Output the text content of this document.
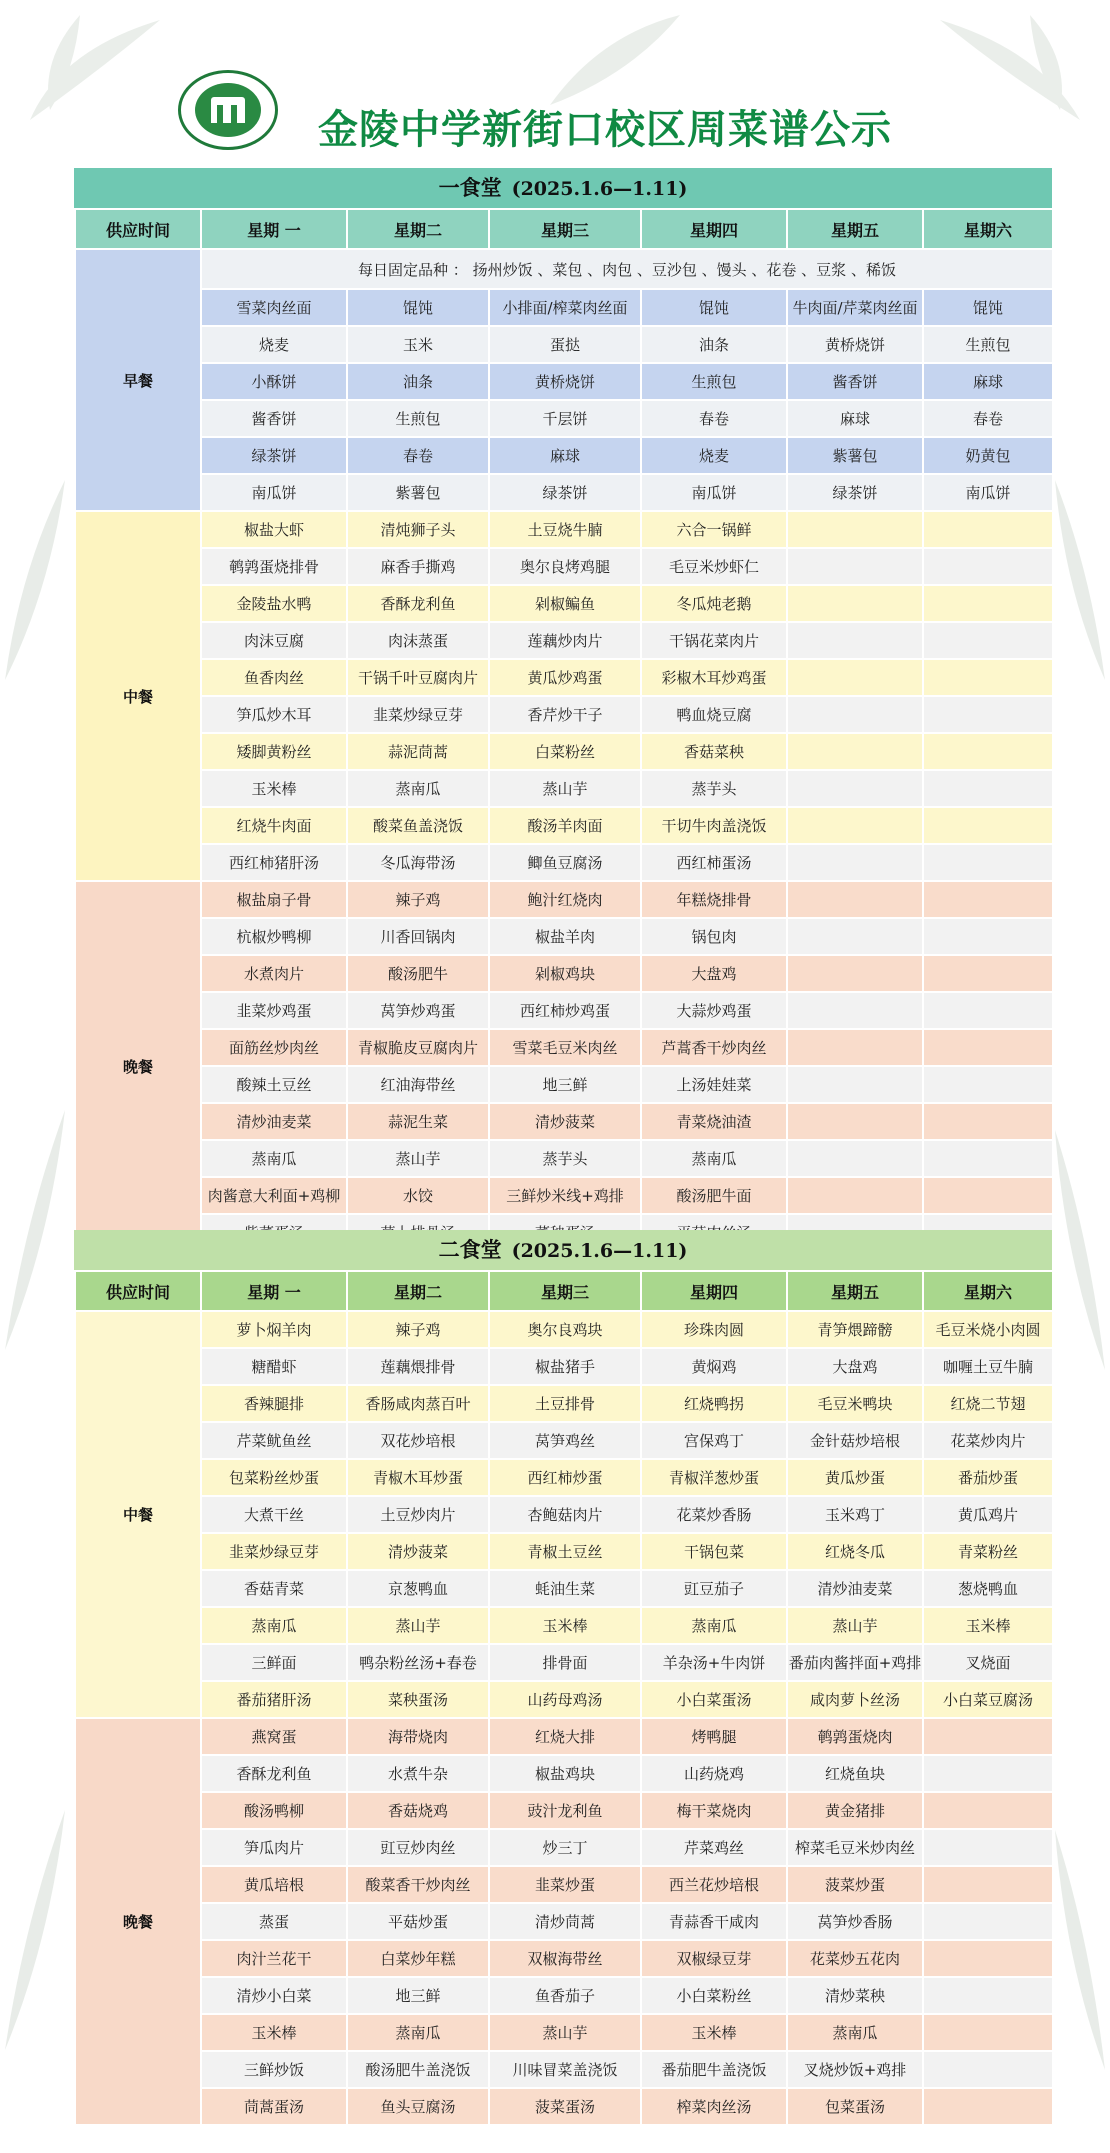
金陵中学新街口校区周菜谱公示
一食堂 (2025.1.6—1.11)
供应时间	星期 一	星期二	星期三	星期四	星期五	星期六
早餐	每日固定品种 ： 扬州炒饭 、菜包 、肉包 、豆沙包 、馒头 、花卷 、豆浆 、稀饭					
	雪菜肉丝面	馄饨	小排面/榨菜肉丝面	馄饨	牛肉面/芹菜肉丝面	馄饨
	烧麦	玉米	蛋挞	油条	黄桥烧饼	生煎包
	小酥饼	油条	黄桥烧饼	生煎包	酱香饼	麻球
	酱香饼	生煎包	千层饼	春卷	麻球	春卷
	绿茶饼	春卷	麻球	烧麦	紫薯包	奶黄包
	南瓜饼	紫薯包	绿茶饼	南瓜饼	绿茶饼	南瓜饼
中餐	椒盐大虾	清炖狮子头	土豆烧牛腩	六合一锅鲜		
	鹌鹑蛋烧排骨	麻香手撕鸡	奥尔良烤鸡腿	毛豆米炒虾仁		
	金陵盐水鸭	香酥龙利鱼	剁椒鳊鱼	冬瓜炖老鹅		
	肉沫豆腐	肉沫蒸蛋	莲藕炒肉片	干锅花菜肉片		
	鱼香肉丝	干锅千叶豆腐肉片	黄瓜炒鸡蛋	彩椒木耳炒鸡蛋		
	笋瓜炒木耳	韭菜炒绿豆芽	香芹炒干子	鸭血烧豆腐		
	矮脚黄粉丝	蒜泥茼蒿	白菜粉丝	香菇菜秧		
	玉米棒	蒸南瓜	蒸山芋	蒸芋头		
	红烧牛肉面	酸菜鱼盖浇饭	酸汤羊肉面	干切牛肉盖浇饭		
	西红柿猪肝汤	冬瓜海带汤	鲫鱼豆腐汤	西红柿蛋汤		
晚餐	椒盐扇子骨	辣子鸡	鲍汁红烧肉	年糕烧排骨		
	杭椒炒鸭柳	川香回锅肉	椒盐羊肉	锅包肉		
	水煮肉片	酸汤肥牛	剁椒鸡块	大盘鸡		
	韭菜炒鸡蛋	莴笋炒鸡蛋	西红柿炒鸡蛋	大蒜炒鸡蛋		
	面筋丝炒肉丝	青椒脆皮豆腐肉片	雪菜毛豆米肉丝	芦蒿香干炒肉丝		
	酸辣土豆丝	红油海带丝	地三鲜	上汤娃娃菜		
	清炒油麦菜	蒜泥生菜	清炒菠菜	青菜烧油渣		
	蒸南瓜	蒸山芋	蒸芋头	蒸南瓜		
	肉酱意大利面+鸡柳	水饺	三鲜炒米线+鸡排	酸汤肥牛面		

二食堂 (2025.1.6—1.11)
供应时间	星期 一	星期二	星期三	星期四	星期五	星期六
中餐	萝卜焖羊肉	辣子鸡	奥尔良鸡块	珍珠肉圆	青笋煨蹄髈	毛豆米烧小肉圆
	糖醋虾	莲藕煨排骨	椒盐猪手	黄焖鸡	大盘鸡	咖喱土豆牛腩
	香辣腿排	香肠咸肉蒸百叶	土豆排骨	红烧鸭拐	毛豆米鸭块	红烧二节翅
	芹菜鱿鱼丝	双花炒培根	莴笋鸡丝	宫保鸡丁	金针菇炒培根	花菜炒肉片
	包菜粉丝炒蛋	青椒木耳炒蛋	西红柿炒蛋	青椒洋葱炒蛋	黄瓜炒蛋	番茄炒蛋
	大煮干丝	土豆炒肉片	杏鲍菇肉片	花菜炒香肠	玉米鸡丁	黄瓜鸡片
	韭菜炒绿豆芽	清炒菠菜	青椒土豆丝	干锅包菜	红烧冬瓜	青菜粉丝
	香菇青菜	京葱鸭血	蚝油生菜	豇豆茄子	清炒油麦菜	葱烧鸭血
	蒸南瓜	蒸山芋	玉米棒	蒸南瓜	蒸山芋	玉米棒
	三鲜面	鸭杂粉丝汤+春卷	排骨面	羊杂汤+牛肉饼	番茄肉酱拌面+鸡排	叉烧面
	番茄猪肝汤	菜秧蛋汤	山药母鸡汤	小白菜蛋汤	咸肉萝卜丝汤	小白菜豆腐汤
晚餐	燕窝蛋	海带烧肉	红烧大排	烤鸭腿	鹌鹑蛋烧肉	
	香酥龙利鱼	水煮牛杂	椒盐鸡块	山药烧鸡	红烧鱼块	
	酸汤鸭柳	香菇烧鸡	豉汁龙利鱼	梅干菜烧肉	黄金猪排	
	笋瓜肉片	豇豆炒肉丝	炒三丁	芹菜鸡丝	榨菜毛豆米炒肉丝	
	黄瓜培根	酸菜香干炒肉丝	韭菜炒蛋	西兰花炒培根	菠菜炒蛋	
	蒸蛋	平菇炒蛋	清炒茼蒿	青蒜香干咸肉	莴笋炒香肠	
	肉汁兰花干	白菜炒年糕	双椒海带丝	双椒绿豆芽	花菜炒五花肉	
	清炒小白菜	地三鲜	鱼香茄子	小白菜粉丝	清炒菜秧	
	玉米棒	蒸南瓜	蒸山芋	玉米棒	蒸南瓜	
	三鲜炒饭	酸汤肥牛盖浇饭	川味冒菜盖浇饭	番茄肥牛盖浇饭	叉烧炒饭+鸡排	
	茼蒿蛋汤	鱼头豆腐汤	菠菜蛋汤	榨菜肉丝汤	包菜蛋汤	
